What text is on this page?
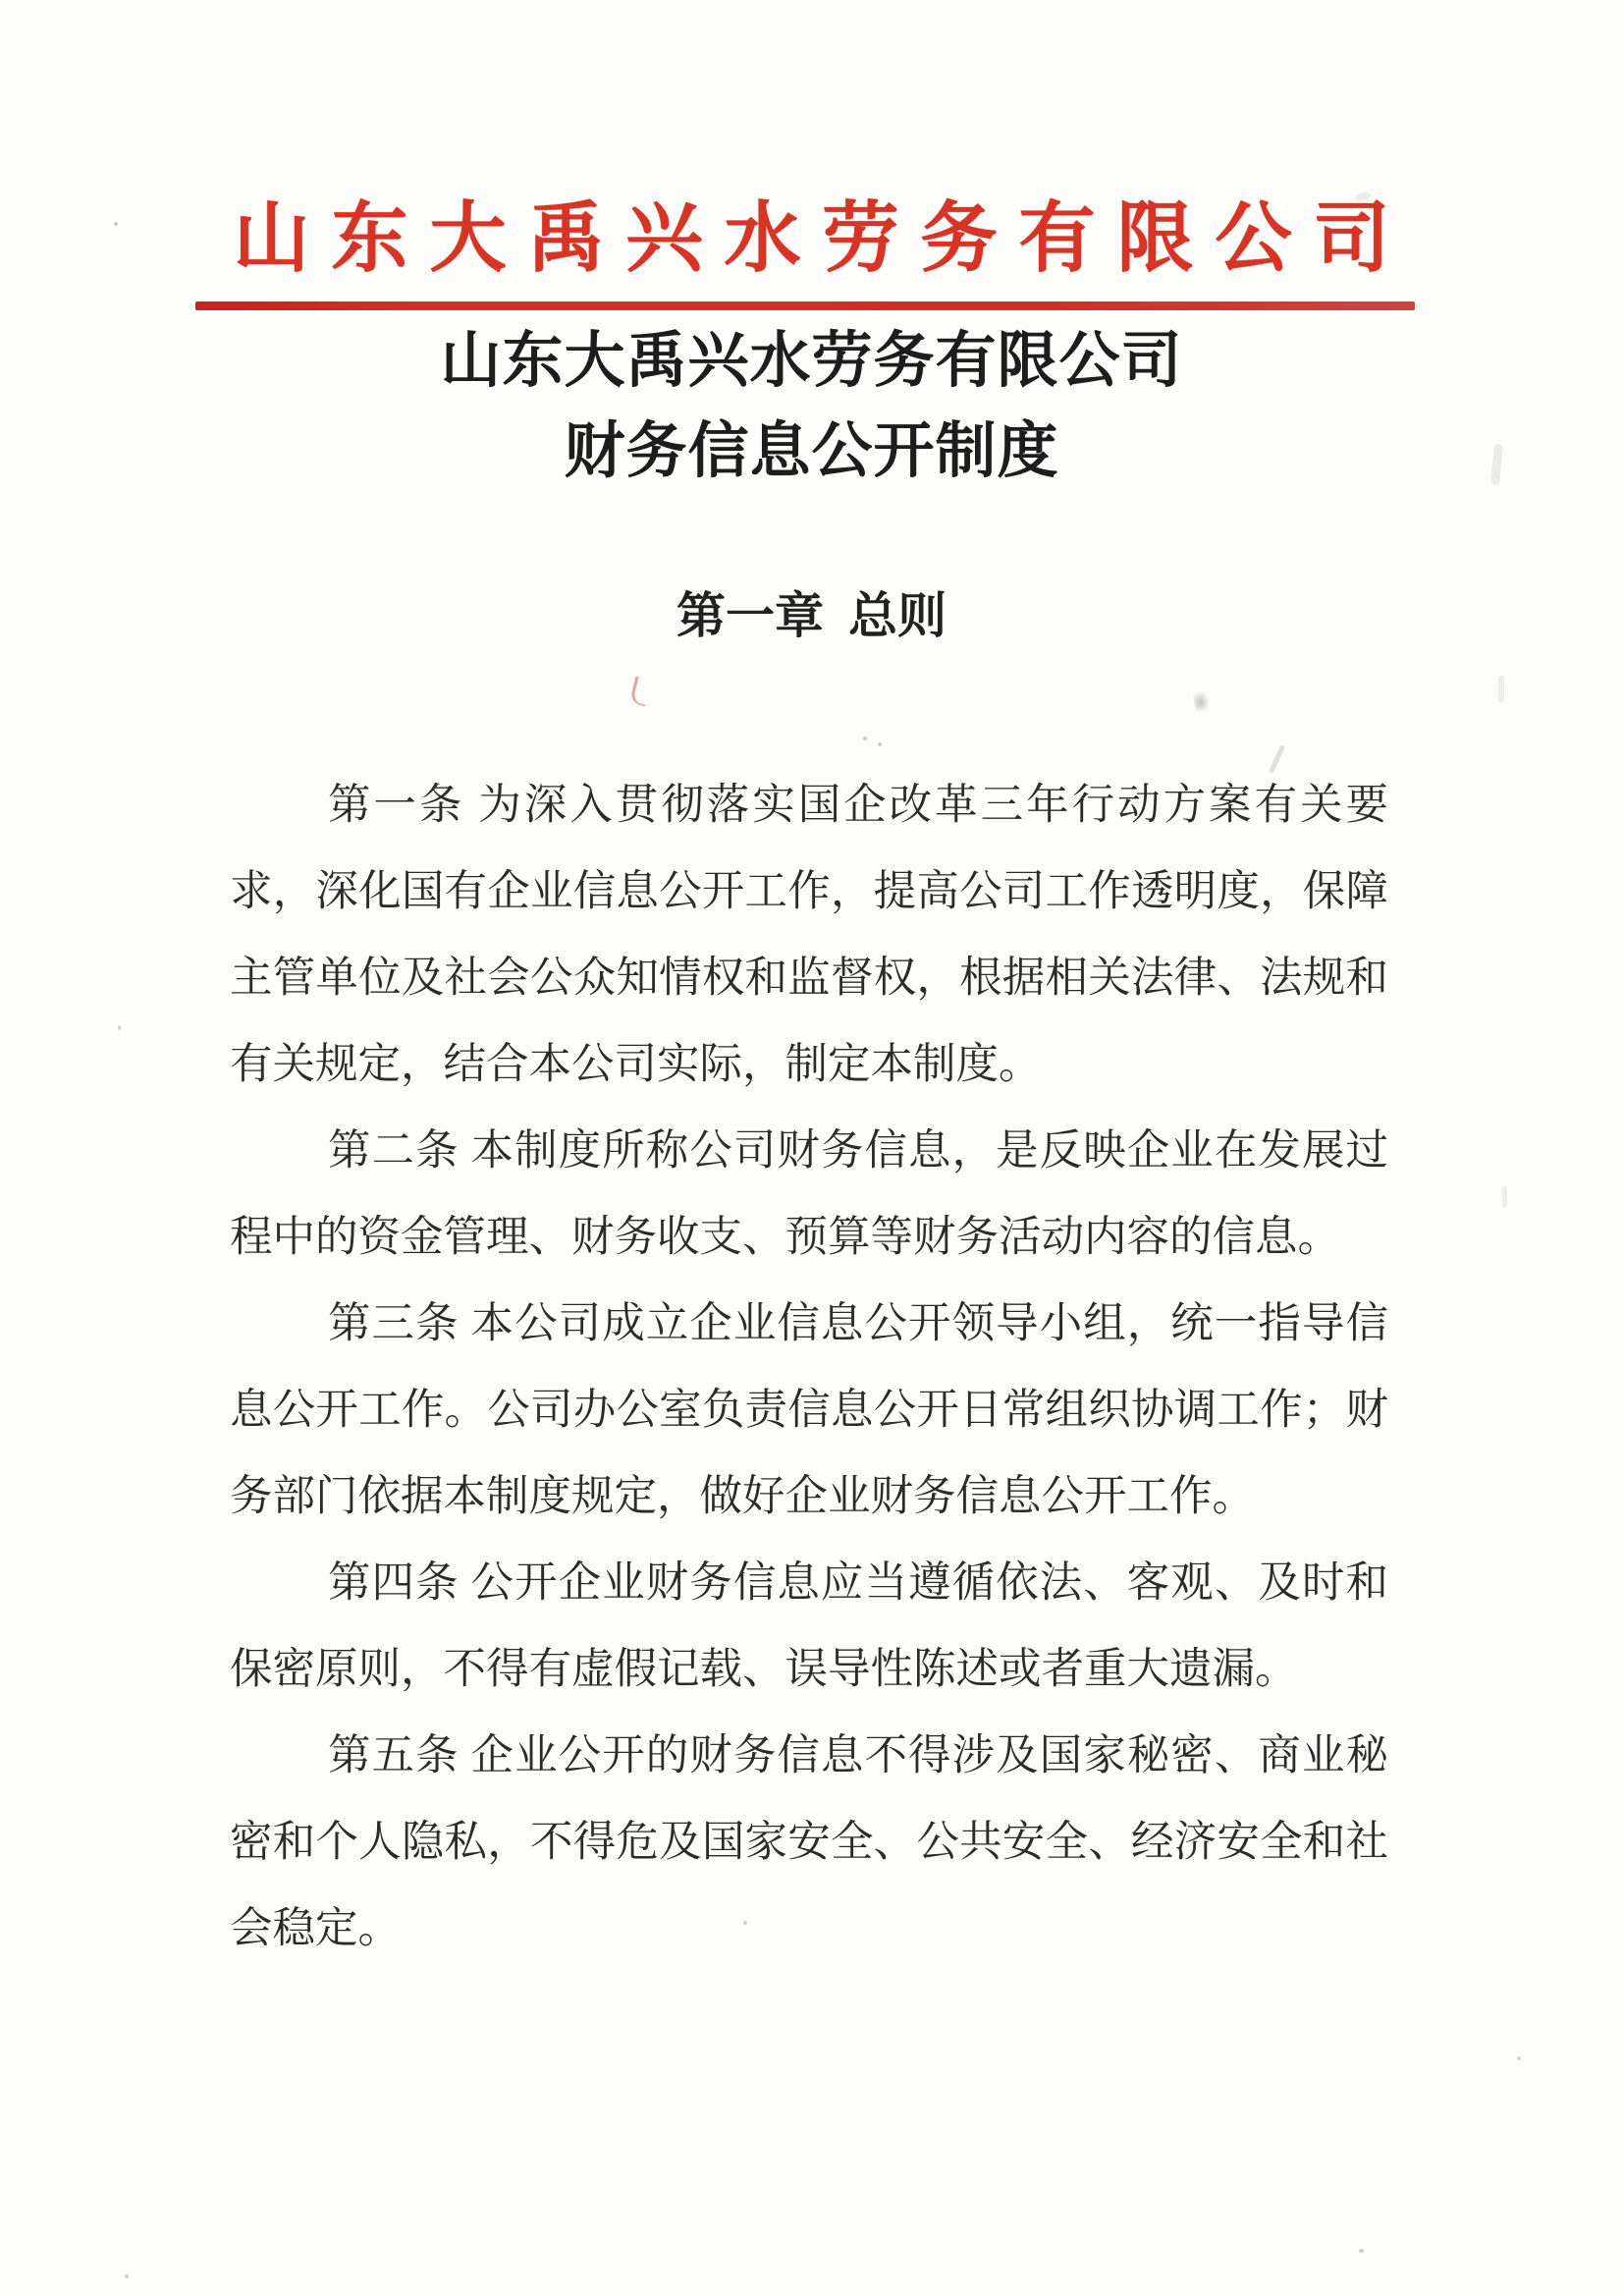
山东大禹兴水劳务有限公司
山东大禹兴水劳务有限公司
财务信息公开制度
第一章  总则

第一条 为深入贯彻落实国企改革三年行动方案有关要求，深化国有企业信息公开工作，提高公司工作透明度，保障主管单位及社会公众知情权和监督权，根据相关法律、法规和有关规定，结合本公司实际，制定本制度。

第二条 本制度所称公司财务信息，是反映企业在发展过程中的资金管理、财务收支、预算等财务活动内容的信息。

第三条 本公司成立企业信息公开领导小组，统一指导信息公开工作。公司办公室负责信息公开日常组织协调工作；财务部门依据本制度规定，做好企业财务信息公开工作。

第四条 公开企业财务信息应当遵循依法、客观、及时和保密原则，不得有虚假记载、误导性陈述或者重大遗漏。

第五条 企业公开的财务信息不得涉及国家秘密、商业秘密和个人隐私，不得危及国家安全、公共安全、经济安全和社会稳定。
